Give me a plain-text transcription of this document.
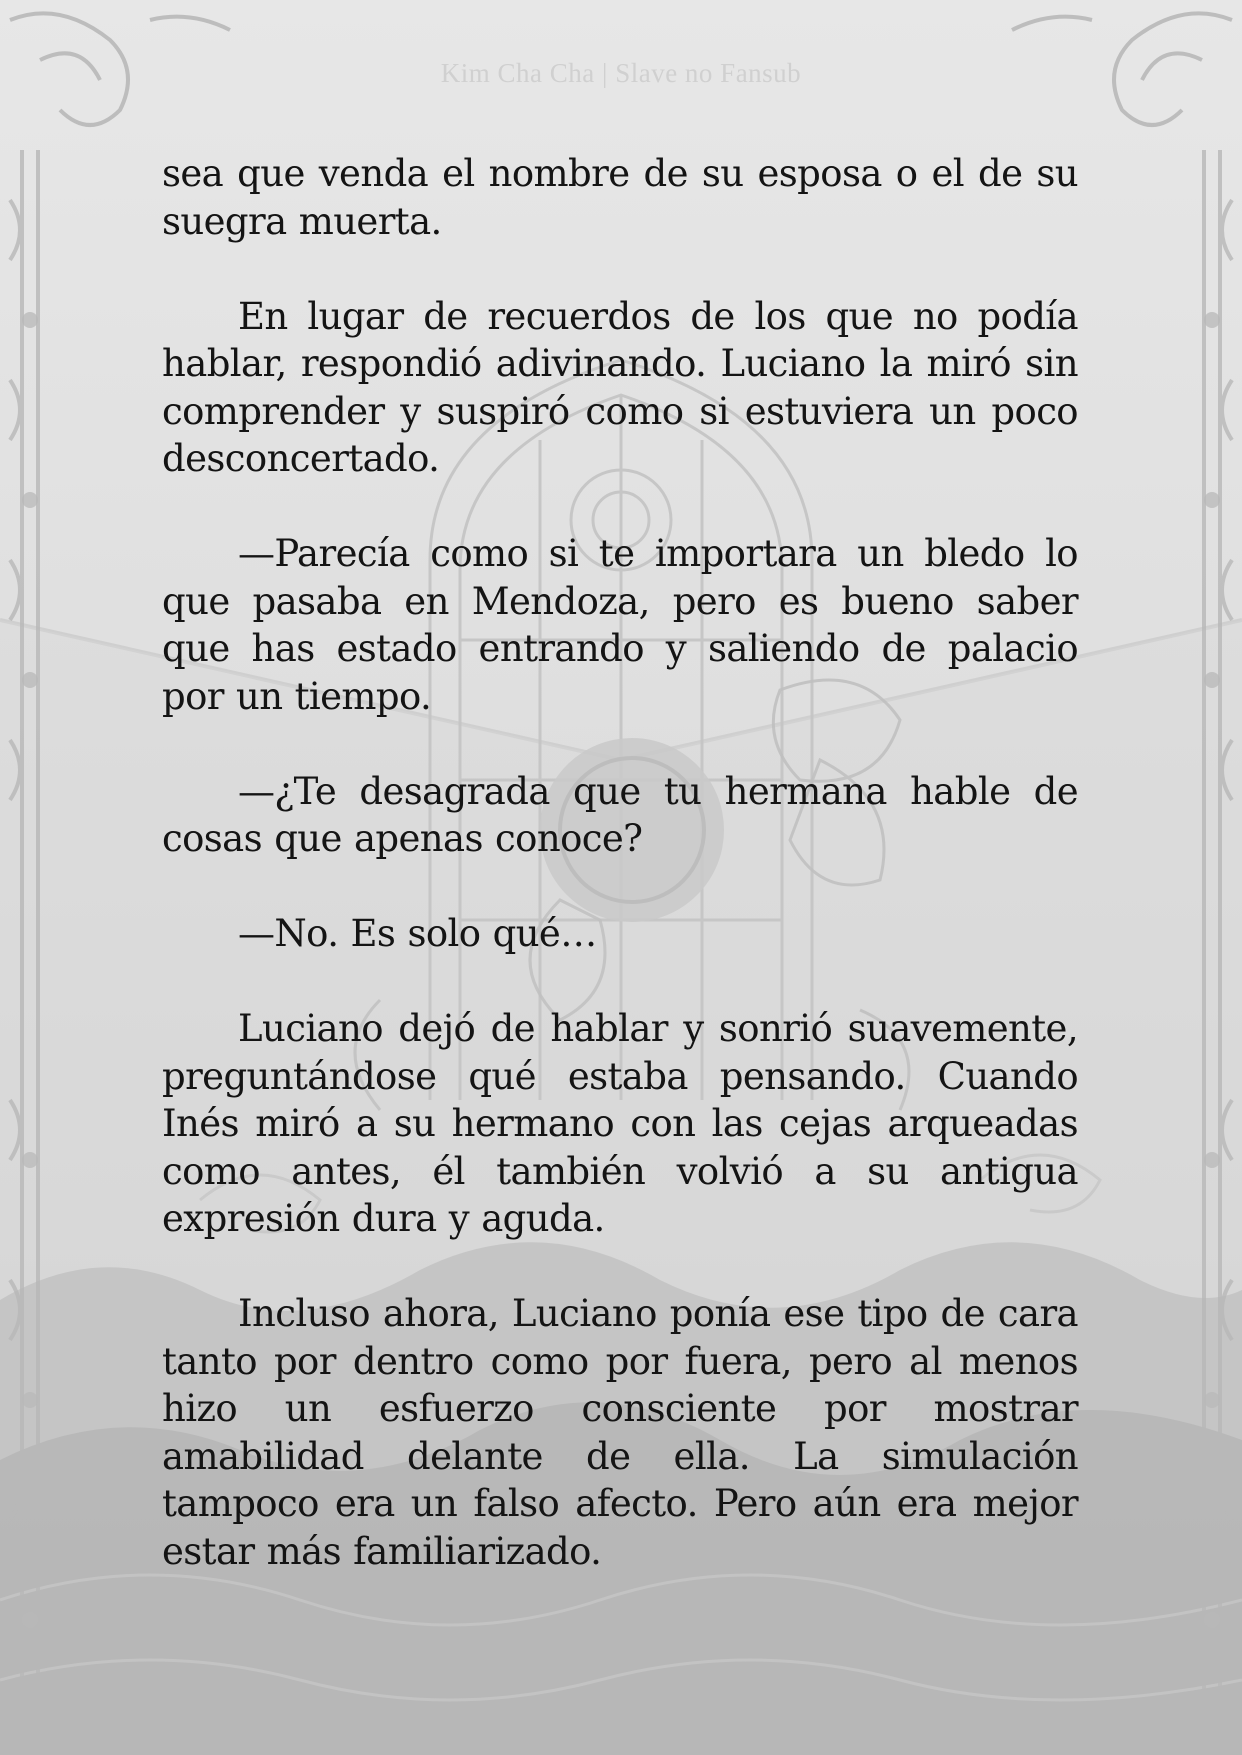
Kim Cha Cha | Slave no Fansub

sea que venda el nombre de su esposa o el de su suegra muerta.

En lugar de recuerdos de los que no podía hablar, respondió adivinando. Luciano la miró sin comprender y suspiró como si estuviera un poco desconcertado.

—Parecía como si te importara un bledo lo que pasaba en Mendoza, pero es bueno saber que has estado entrando y saliendo de palacio por un tiempo.

—¿Te desagrada que tu hermana hable de cosas que apenas conoce?

—No. Es solo qué…

Luciano dejó de hablar y sonrió suavemente, preguntándose qué estaba pensando. Cuando Inés miró a su hermano con las cejas arqueadas como antes, él también volvió a su antigua expresión dura y aguda.

Incluso ahora, Luciano ponía ese tipo de cara tanto por dentro como por fuera, pero al menos hizo un esfuerzo consciente por mostrar amabilidad delante de ella. La simulación tampoco era un falso afecto. Pero aún era mejor estar más familiarizado.
